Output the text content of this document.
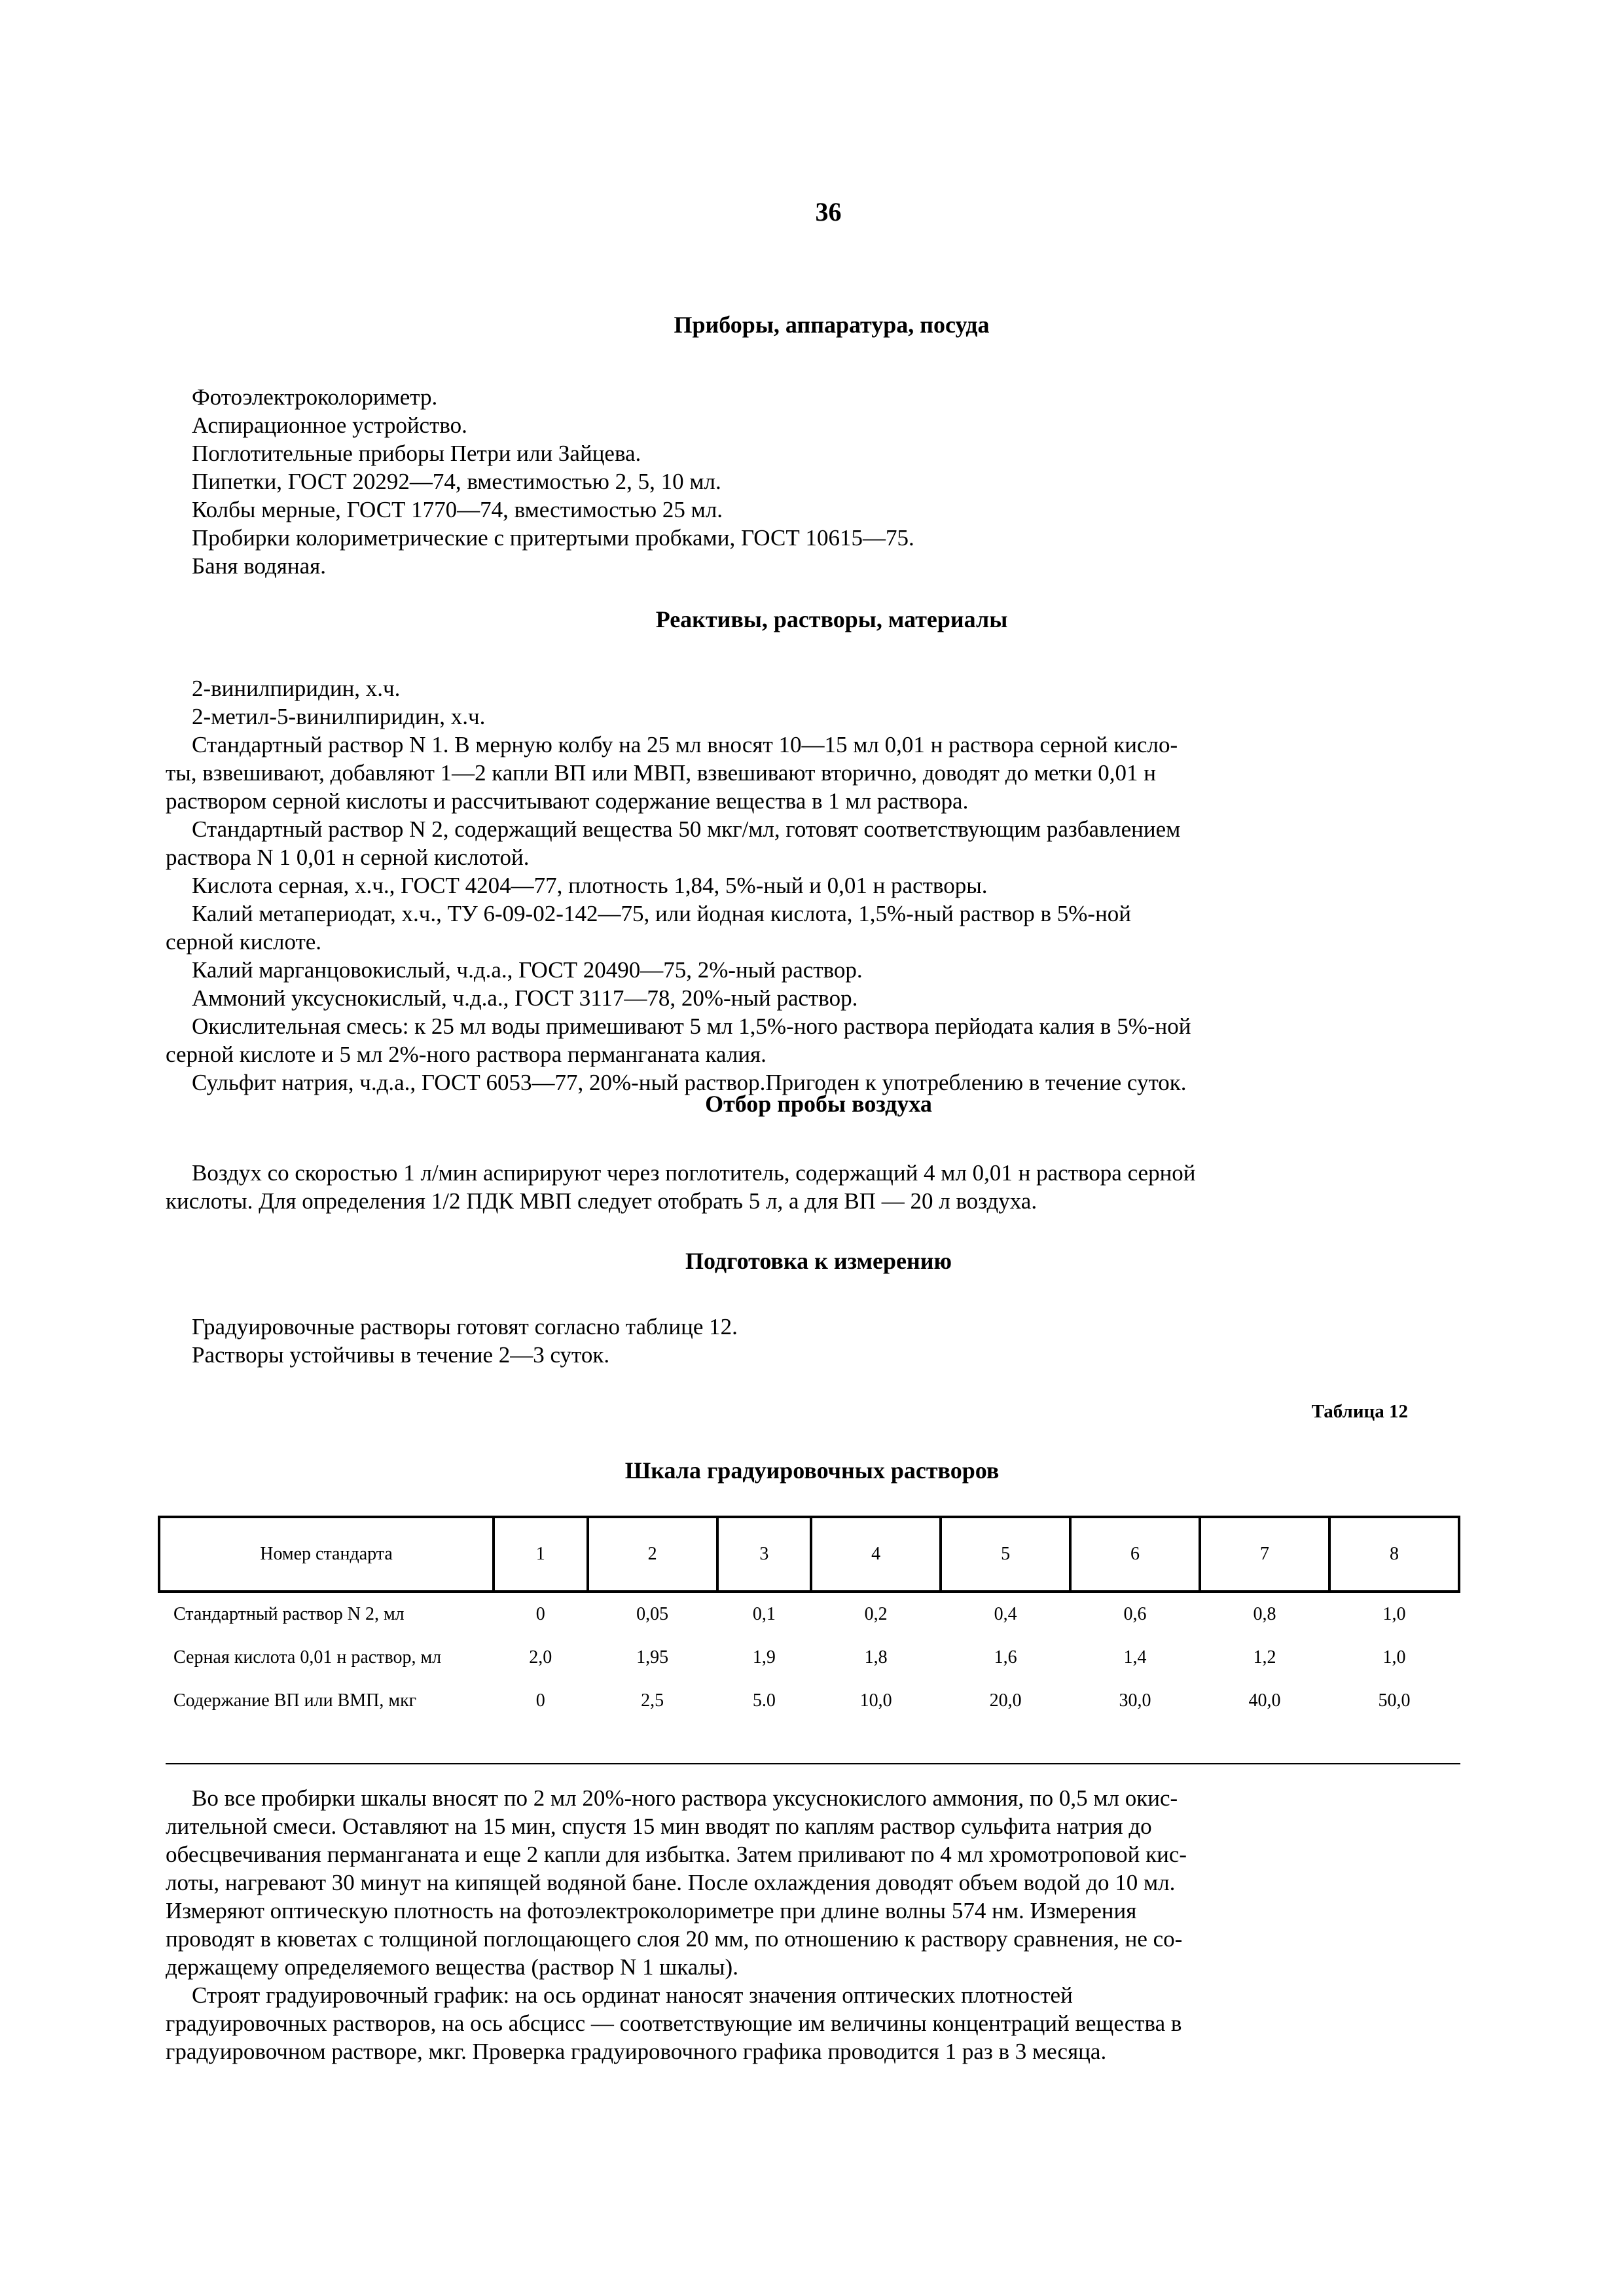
36
Приборы, аппаратура, посуда
Фотоэлектроколориметр.
Аспирационное устройство.
Поглотительные приборы Петри или Зайцева.
Пипетки, ГОСТ 20292—74, вместимостью 2, 5, 10 мл.
Колбы мерные, ГОСТ 1770—74, вместимостью 25 мл.
Пробирки колориметрические с притертыми пробками, ГОСТ 10615—75.
Баня водяная.
Реактивы, растворы, материалы
2-винилпиридин, х.ч.
2-метил-5-винилпиридин, х.ч.
Стандартный раствор N 1. В мерную колбу на 25 мл вносят 10—15 мл 0,01 н раствора серной кисло-
ты, взвешивают, добавляют 1—2 капли ВП или МВП, взвешивают вторично, доводят до метки 0,01 н
раствором серной кислоты и рассчитывают содержание вещества в 1 мл раствора.
Стандартный раствор N 2, содержащий вещества 50 мкг/мл, готовят соответствующим разбавлением
раствора N 1 0,01 н серной кислотой.
Кислота серная, х.ч., ГОСТ 4204—77, плотность 1,84, 5%-ный и 0,01 н растворы.
Калий метапериодат, х.ч., ТУ 6-09-02-142—75, или йодная кислота, 1,5%-ный раствор в 5%-ной
серной кислоте.
Калий марганцовокислый, ч.д.а., ГОСТ 20490—75, 2%-ный раствор.
Аммоний уксуснокислый, ч.д.а., ГОСТ 3117—78, 20%-ный раствор.
Окислительная смесь: к 25 мл воды примешивают 5 мл 1,5%-ного раствора перйодата калия в 5%-ной
серной кислоте и 5 мл 2%-ного раствора перманганата калия.
Сульфит натрия, ч.д.а., ГОСТ 6053—77, 20%-ный раствор.Пригоден к употреблению в течение суток.
Отбор пробы воздуха
Воздух со скоростью 1 л/мин аспирируют через поглотитель, содержащий 4 мл 0,01 н раствора серной
кислоты. Для определения 1/2 ПДК МВП следует отобрать 5 л, а для ВП — 20 л воздуха.
Подготовка к измерению
Градуировочные растворы готовят согласно таблице 12.
Растворы устойчивы в течение 2—3 суток.
Таблица 12
Шкала градуировочных растворов
Номер стандарта	1	2	3	4	5	6	7	8
Стандартный раствор N 2, мл	0	0,05	0,1	0,2	0,4	0,6	0,8	1,0
Серная кислота 0,01 н раствор, мл	2,0	1,95	1,9	1,8	1,6	1,4	1,2	1,0
Содержание ВП или ВМП, мкг	0	2,5	5.0	10,0	20,0	30,0	40,0	50,0
Во все пробирки шкалы вносят по 2 мл 20%-ного раствора уксуснокислого аммония, по 0,5 мл окис-
лительной смеси. Оставляют на 15 мин, спустя 15 мин вводят по каплям раствор сульфита натрия до
обесцвечивания перманганата и еще 2 капли для избытка. Затем приливают по 4 мл хромотроповой кис-
лоты, нагревают 30 минут на кипящей водяной бане. После охлаждения доводят объем водой до 10 мл.
Измеряют оптическую плотность на фотоэлектроколориметре при длине волны 574 нм. Измерения
проводят в кюветах с толщиной поглощающего слоя 20 мм, по отношению к раствору сравнения, не со-
держащему определяемого вещества (раствор N 1 шкалы).
Строят градуировочный график: на ось ординат наносят значения оптических плотностей
градуировочных растворов, на ось абсцисс — соответствующие им величины концентраций вещества в
градуировочном растворе, мкг. Проверка градуировочного графика проводится 1 раз в 3 месяца.
